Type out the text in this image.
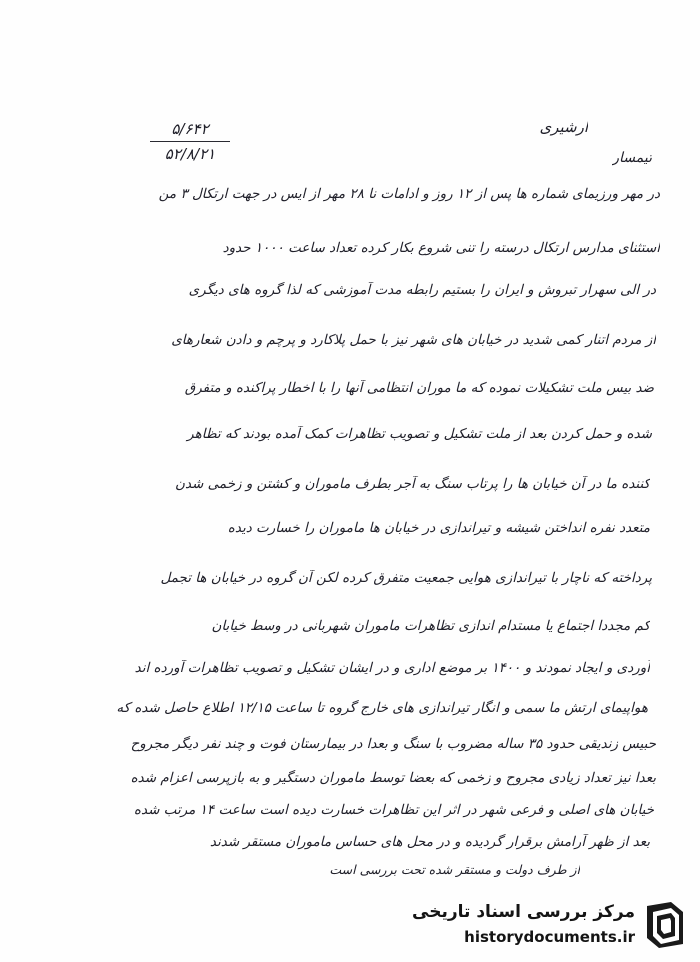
ارشیری
۵/۶۴۲
۵۲/۸/۲۱	تیمسار
در مهر ورزیمای شماره ها پس از ۱۲ روز و ادامات نا ۲۸ مهر از ایس در جهت ارتکال ۳ من
استثنای مدارس ارتکال درسته را تنی شروع بکار کرده تعداد ساعت ۱۰۰۰ حدود
در الی سهرار تبروش و ایران را بستیم رابطه مدت آموزشی که لذا گروه های دیگری
از مردم اتنار کمی شدید در خیابان های شهر نیز با حمل پلاکارد و پرچم و دادن شعارهای
ضد بیس ملت تشکیلات نموده که ما موران انتظامی آنها را با اخطار پراکنده و متفرق
شده و حمل کردن بعد از ملت تشکیل و تصویب تظاهرات کمک آمده بودند که تظاهر
کننده ما در آن خیابان ها را پرتاب سنگ به آجر بطرف ماموران و کشتن و زخمی شدن
متعدد نفره انداختن شیشه و تیراندازی در خیابان ها ماموران را خسارت دیده
پرداخته که ناچار با تیراندازی هوایی جمعیت متفرق کرده لکن آن گروه در خیابان ها تجمل
کم مجددا اجتماع یا مستدام اندازی تظاهرات ماموران شهربانی در وسط خیابان
آوردی و ایجاد نمودند و ۱۴۰۰ بر موضع اداری و در ایشان تشکیل و تصویب تظاهرات آورده اند
هواپیمای ارتش ما سمی و انگار تیراندازی های خارج گروه تا ساعت ۱۲/۱۵ اطلاع حاصل شده که
حبیس زندیقی حدود ۳۵ ساله مضروب با سنگ و بعدا در بیمارستان فوت و چند نفر دیگر مجروح
بعدا نیز تعداد زیادی مجروح و زخمی که بعضا توسط ماموران دستگیر و به بازپرسی اعزام شده
خیابان های اصلی و فرعی شهر در اثر این تظاهرات خسارت دیده است ساعت ۱۴ مرتب شده
بعد از ظهر آرامش برقرار گردیده و در محل های حساس ماموران مستقر شدند
از طرف دولت و مستقر شده تحت بررسی است
مرکز بررسی اسناد تاریخی
historydocuments.ir
